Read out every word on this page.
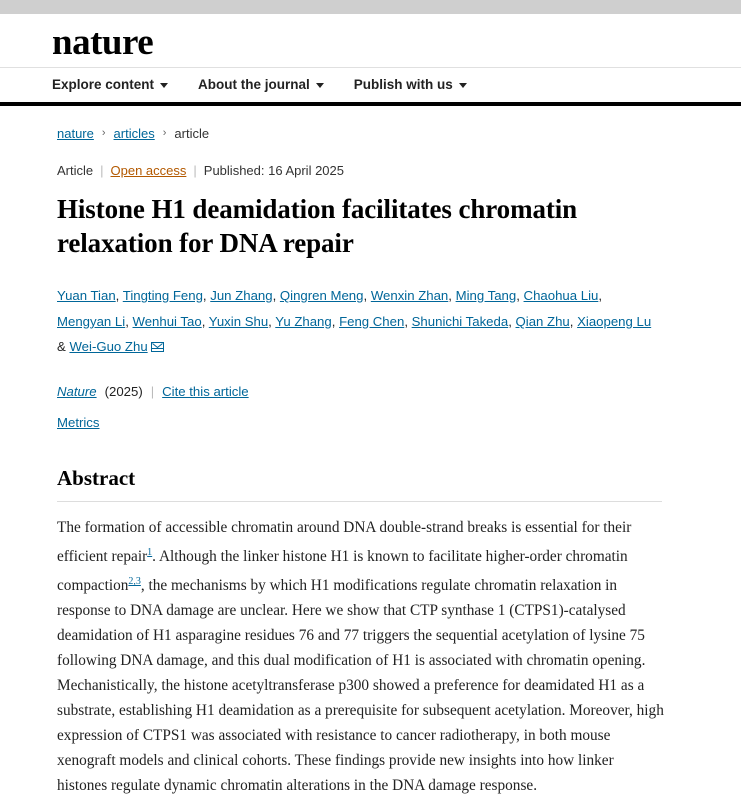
nature
Explore content	About the journal	Publish with us
nature › articles › article
Article | Open access | Published: 16 April 2025
Histone H1 deamidation facilitates chromatin relaxation for DNA repair
Yuan Tian, Tingting Feng, Jun Zhang, Qingren Meng, Wenxin Zhan, Ming Tang, Chaohua Liu, Mengyan Li, Wenhui Tao, Yuxin Shu, Yu Zhang, Feng Chen, Shunichi Takeda, Qian Zhu, Xiaopeng Lu & Wei-Guo Zhu
Nature (2025) | Cite this article
Metrics
Abstract

The formation of accessible chromatin around DNA double-strand breaks is essential for their efficient repair$^1$. Although the linker histone H1 is known to facilitate higher-order chromatin compaction$^{2,3}$, the mechanisms by which H1 modifications regulate chromatin relaxation in response to DNA damage are unclear. Here we show that CTP synthase 1 (CTPS1)-catalysed deamidation of H1 asparagine residues 76 and 77 triggers the sequential acetylation of lysine 75 following DNA damage, and this dual modification of H1 is associated with chromatin opening. Mechanistically, the histone acetyltransferase p300 showed a preference for deamidated H1 as a substrate, establishing H1 deamidation as a prerequisite for subsequent acetylation. Moreover, high expression of CTPS1 was associated with resistance to cancer radiotherapy, in both mouse xenograft models and clinical cohorts. These findings provide new insights into how linker histones regulate dynamic chromatin alterations in the DNA damage response.
